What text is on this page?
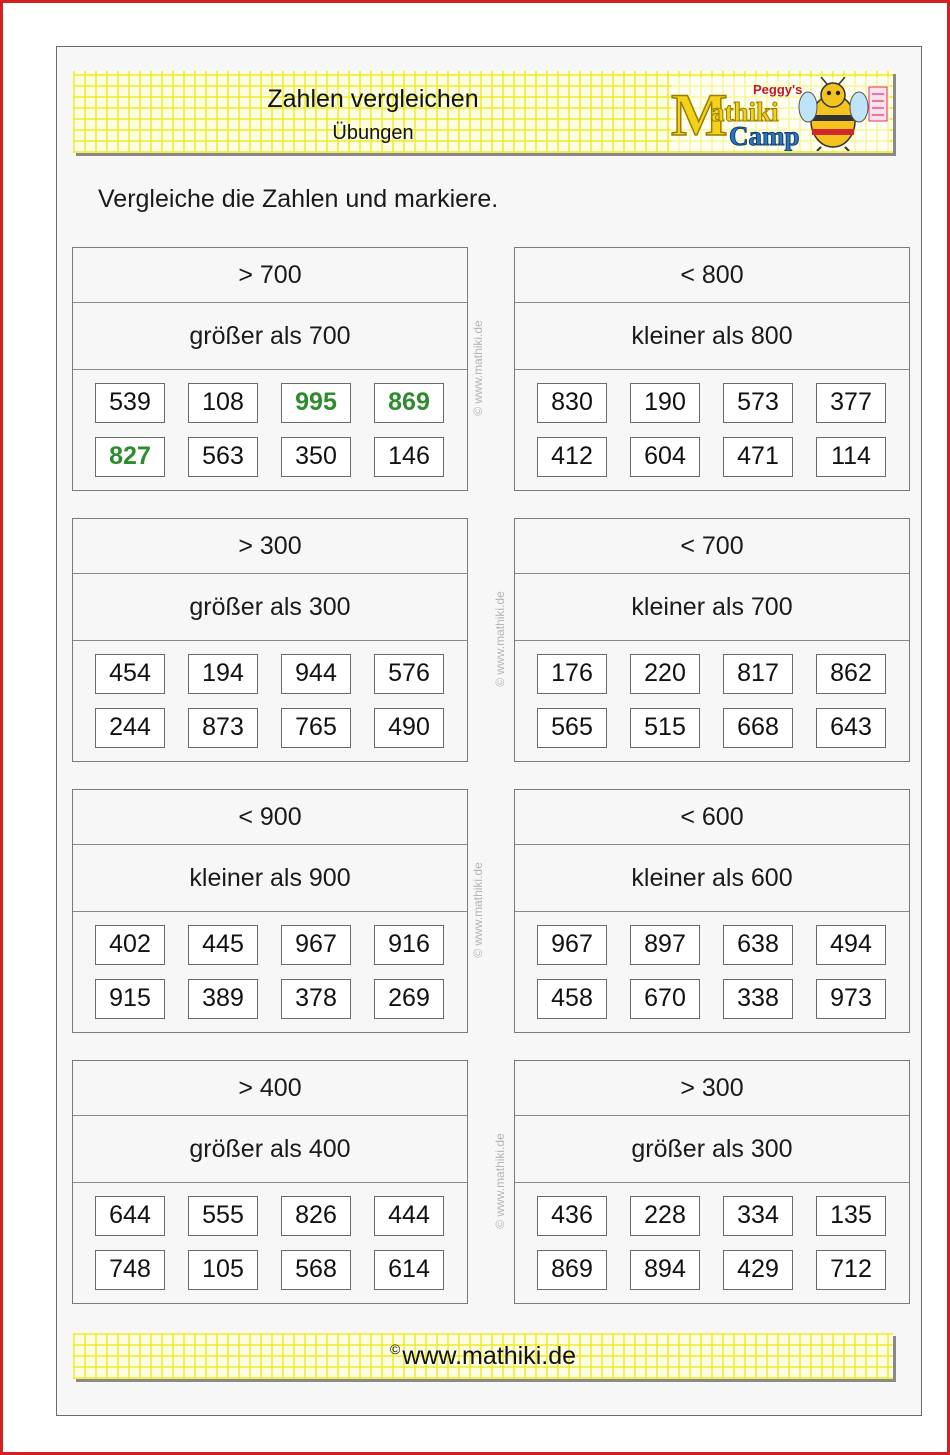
Zahlen vergleichen
Übungen	M Peggy's
athiki
Camp
Vergleiche die Zahlen und markiere.
> 700
größer als 700
539	108	995	869
827	563	350	146
< 800
kleiner als 800
830	190	573	377
412	604	471	114
> 300
größer als 300
454	194	944	576
244	873	765	490
< 700
kleiner als 700
176	220	817	862
565	515	668	643
< 900
kleiner als 900
402	445	967	916
915	389	378	269
< 600
kleiner als 600
967	897	638	494
458	670	338	973
> 400
größer als 400
644	555	826	444
748	105	568	614
> 300
größer als 300
436	228	334	135
869	894	429	712
© www.mathiki.de
© www.mathiki.de
© www.mathiki.de
© www.mathiki.de
©www.mathiki.de
